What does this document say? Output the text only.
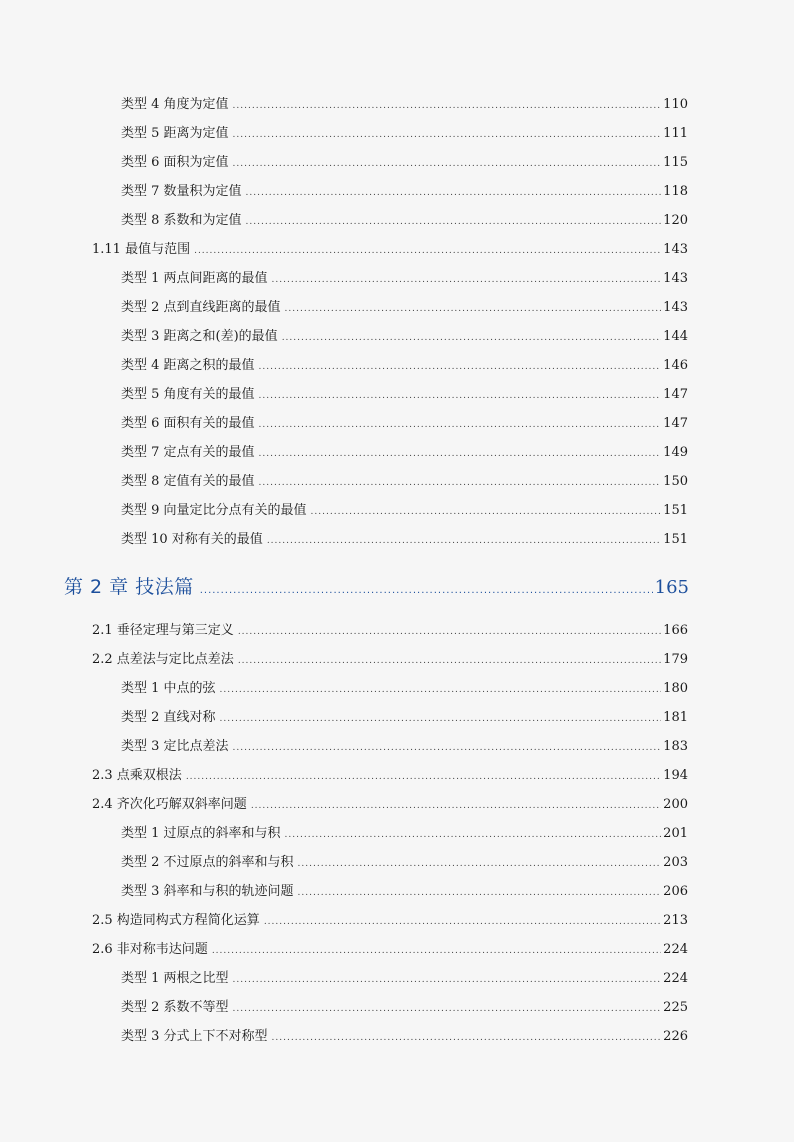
类型 4 角度为定值 .....	110
类型 5 距离为定值 .....	111
类型 6 面积为定值 .....	115
类型 7 数量积为定值 .....	118
类型 8 系数和为定值 .....	120
1.11 最值与范围 .....	143
类型 1 两点间距离的最值 .....	143
类型 2 点到直线距离的最值 .....	143
类型 3 距离之和(差)的最值 .....	144
类型 4 距离之积的最值 .....	146
类型 5 角度有关的最值 .....	147
类型 6 面积有关的最值 .....	147
类型 7 定点有关的最值 .....	149
类型 8 定值有关的最值 .....	150
类型 9 向量定比分点有关的最值 .....	151
类型 10 对称有关的最值 .....	151
第 2 章 技法篇 .....	165
2.1 垂径定理与第三定义 .....	166
2.2 点差法与定比点差法 .....	179
类型 1 中点的弦 .....	180
类型 2 直线对称 .....	181
类型 3 定比点差法 .....	183
2.3 点乘双根法 .....	194
2.4 齐次化巧解双斜率问题 .....	200
类型 1 过原点的斜率和与积 .....	201
类型 2 不过原点的斜率和与积 .....	203
类型 3 斜率和与积的轨迹问题 .....	206
2.5 构造同构式方程简化运算 .....	213
2.6 非对称韦达问题 .....	224
类型 1 两根之比型 .....	224
类型 2 系数不等型 .....	225
类型 3 分式上下不对称型 .....	226
